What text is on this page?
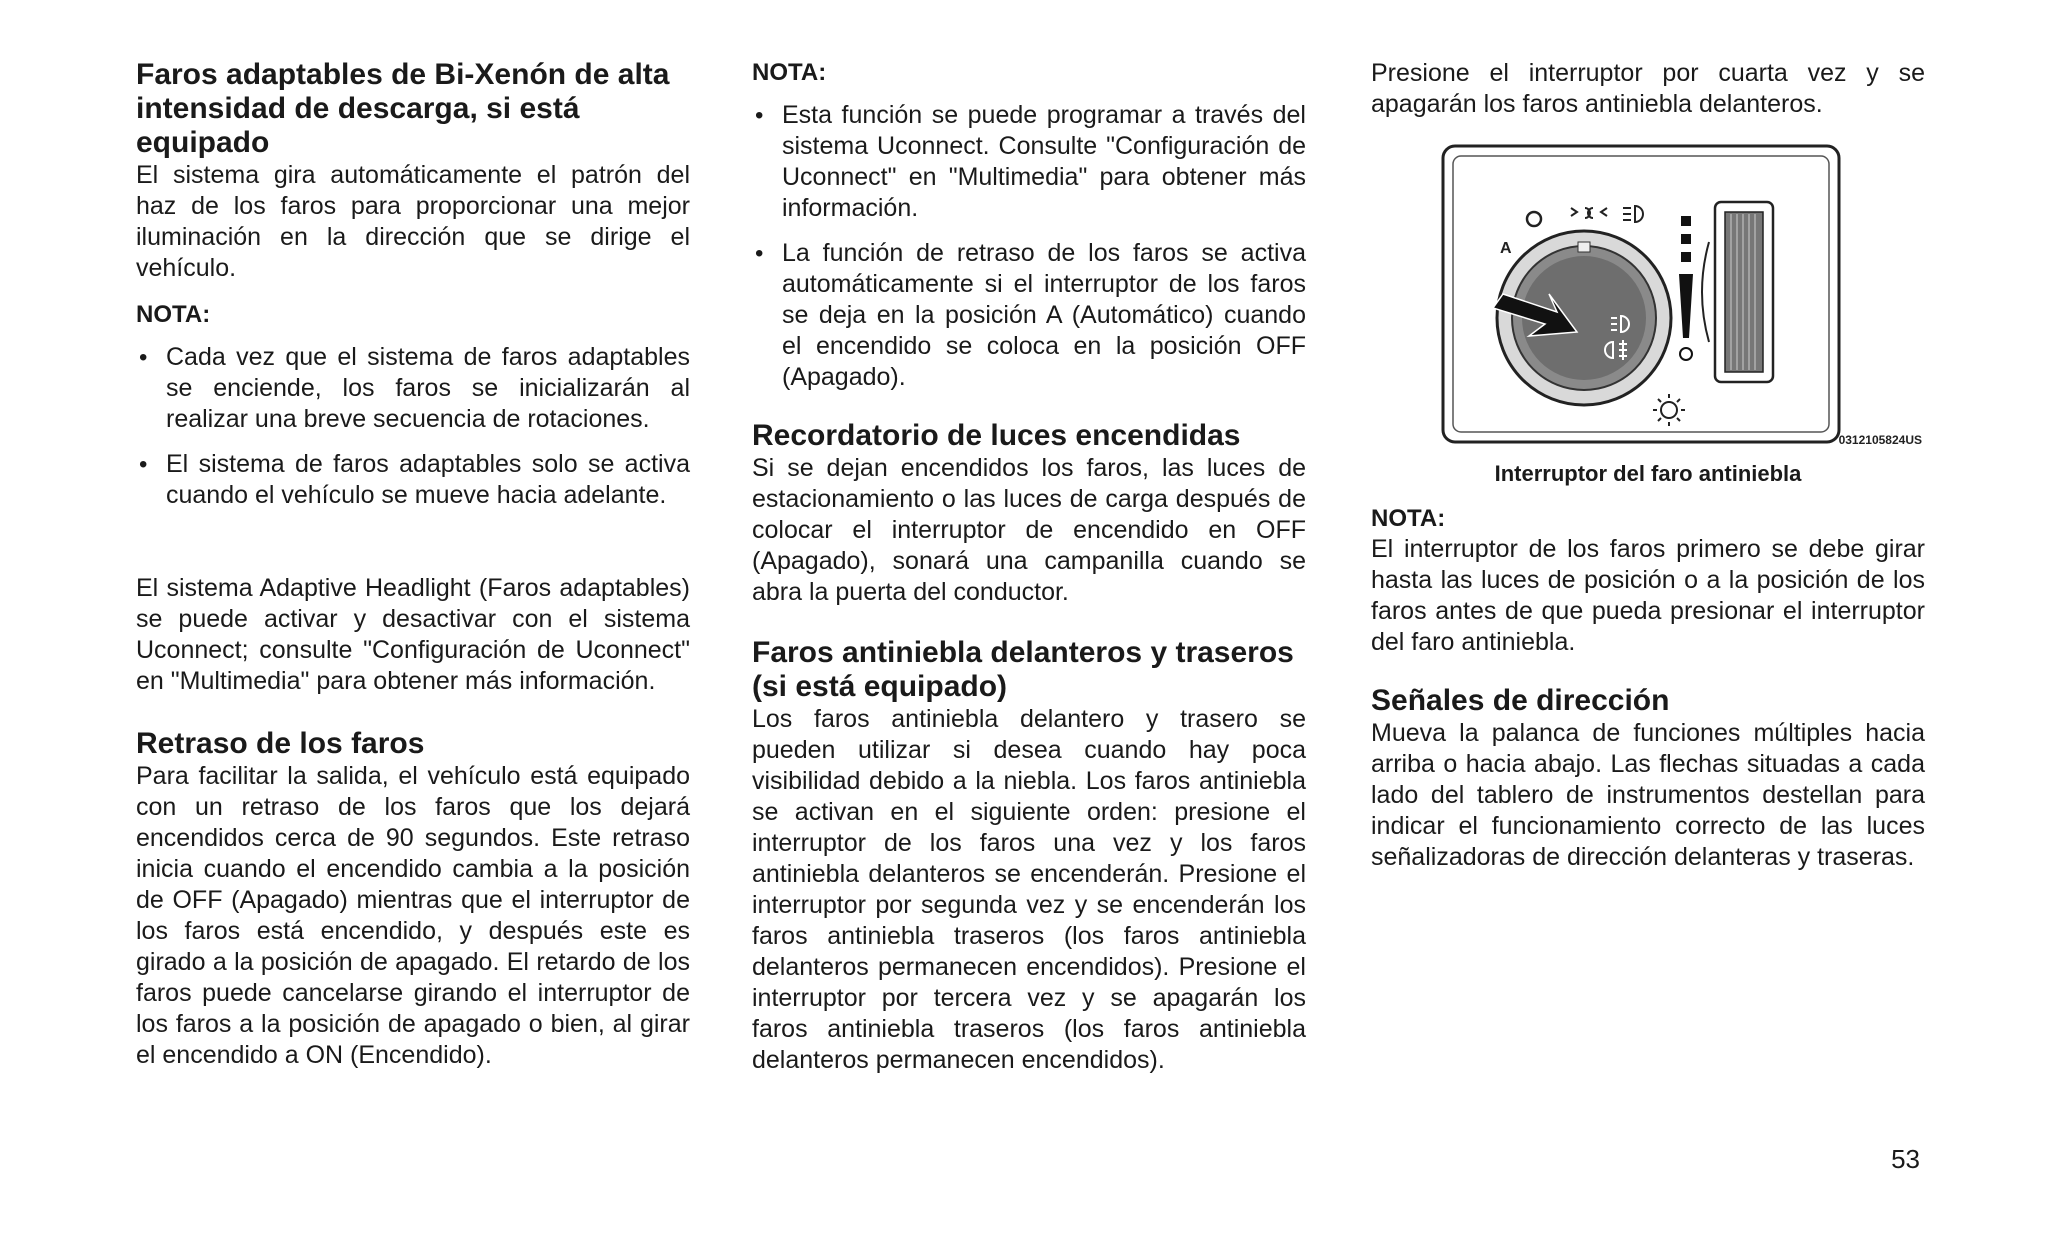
Faros adaptables de Bi-Xenón de alta intensidad de descarga, si está equipado

El sistema gira automáticamente el patrón del haz de los faros para proporcionar una mejor iluminación en la dirección que se dirige el vehículo.

NOTA:

• Cada vez que el sistema de faros adaptables se enciende, los faros se inicializarán al realizar una breve secuencia de rotaciones.
• El sistema de faros adaptables solo se activa cuando el vehículo se mueve hacia adelante.

El sistema Adaptive Headlight (Faros adaptables) se puede activar y desactivar con el sistema Uconnect; consulte "Configuración de Uconnect" en "Multimedia" para obtener más información.

Retraso de los faros

Para facilitar la salida, el vehículo está equipado con un retraso de los faros que los dejará encendidos cerca de 90 segundos. Este retraso inicia cuando el encendido cambia a la posición de OFF (Apagado) mientras que el interruptor de los faros está encendido, y después este es girado a la posición de apagado. El retardo de los faros puede cancelarse girando el interruptor de los faros a la posición de apagado o bien, al girar el encendido a ON (Encendido).

NOTA:

• Esta función se puede programar a través del sistema Uconnect. Consulte "Configuración de Uconnect" en "Multimedia" para obtener más información.
• La función de retraso de los faros se activa automáticamente si el interruptor de los faros se deja en la posición A (Automático) cuando el encendido se coloca en la posición OFF (Apagado).
Recordatorio de luces encendidas

Si se dejan encendidos los faros, las luces de estacionamiento o las luces de carga después de colocar el interruptor de encendido en OFF (Apagado), sonará una campanilla cuando se abra la puerta del conductor.

Faros antiniebla delanteros y traseros (si está equipado)

Los faros antiniebla delantero y trasero se pueden utilizar si desea cuando hay poca visibilidad debido a la niebla. Los faros antiniebla se activan en el siguiente orden: presione el interruptor de los faros una vez y los faros antiniebla delanteros se encenderán. Presione el interruptor por segunda vez y se encenderán los faros antiniebla traseros (los faros antiniebla delanteros permanecen encendidos). Presione el interruptor por tercera vez y se apagarán los faros antiniebla traseros (los faros antiniebla delanteros permanecen encendidos).

Presione el interruptor por cuarta vez y se apagarán los faros antiniebla delanteros.

A
0312105824US

Interruptor del faro antiniebla

NOTA:

El interruptor de los faros primero se debe girar hasta las luces de posición o a la posición de los faros antes de que pueda presionar el interruptor del faro antiniebla.

Señales de dirección

Mueva la palanca de funciones múltiples hacia arriba o hacia abajo. Las flechas situadas a cada lado del tablero de instrumentos destellan para indicar el funcionamiento correcto de las luces señalizadoras de dirección delanteras y traseras.

53
